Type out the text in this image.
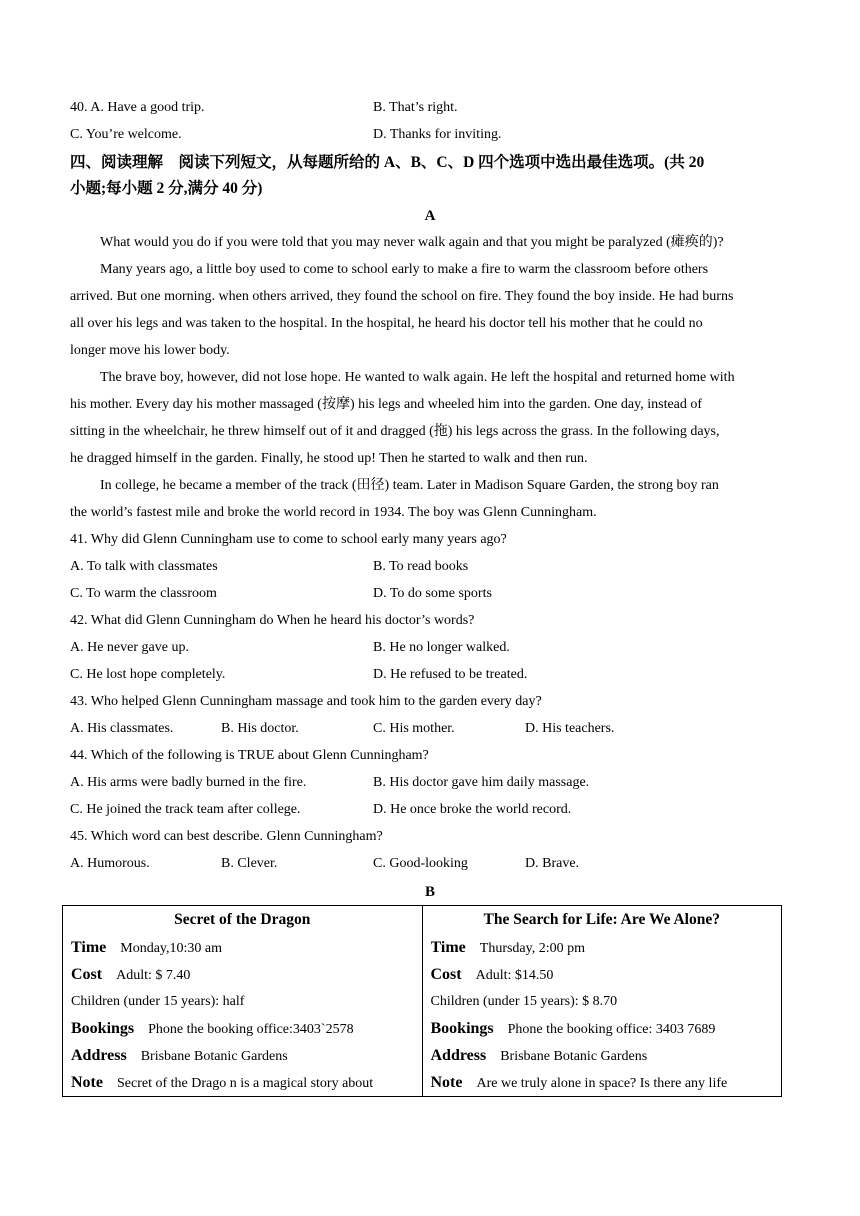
40. A. Have a good trip.	B. That’s right.
C. You’re welcome.	D. Thanks for inviting.
四、阅读理解　阅读下列短文，从每题所给的 A、B、C、D 四个选项中选出最佳选项。(共 20
小题;每小题 2 分,满分 40 分)
A
What would you do if you were told that you may never walk again and that you might be paralyzed (瘫痪的)?
Many years ago, a little boy used to come to school early to make a fire to warm the classroom before others
arrived. But one morning. when others arrived, they found the school on fire. They found the boy inside. He had burns
all over his legs and was taken to the hospital. In the hospital, he heard his doctor tell his mother that he could no
longer move his lower body.
The brave boy, however, did not lose hope. He wanted to walk again. He left the hospital and returned home with
his mother. Every day his mother massaged (按摩) his legs and wheeled him into the garden. One day, instead of
sitting in the wheelchair, he threw himself out of it and dragged (拖) his legs across the grass. In the following days,
he dragged himself in the garden. Finally, he stood up! Then he started to walk and then run.
In college, he became a member of the track (田径) team. Later in Madison Square Garden, the strong boy ran
the world’s fastest mile and broke the world record in 1934. The boy was Glenn Cunningham.
41. Why did Glenn Cunningham use to come to school early many years ago?
A. To talk with classmates	B. To read books
C. To warm the classroom	D. To do some sports
42. What did Glenn Cunningham do When he heard his doctor’s words?
A. He never gave up.	B. He no longer walked.
C. He lost hope completely.	D. He refused to be treated.
43. Who helped Glenn Cunningham massage and took him to the garden every day?
A. His classmates.	B. His doctor.	C. His mother.	D. His teachers.
44. Which of the following is TRUE about Glenn Cunningham?
A. His arms were badly burned in the fire.	B. His doctor gave him daily massage.
C. He joined the track team after college.	D. He once broke the world record.
45. Which word can best describe. Glenn Cunningham?
A. Humorous.	B. Clever.	C. Good-looking	D. Brave.
B
Secret of the Dragon
Time Monday,10:30 am
Cost Adult: $ 7.40
Children (under 15 years): half
Bookings Phone the booking office:3403`2578
Address Brisbane Botanic Gardens
Note Secret of the Drago n is a magical story about

The Search for Life: Are We Alone?
Time Thursday, 2:00 pm
Cost Adult: $14.50
Children (under 15 years): $ 8.70
Bookings Phone the booking office: 3403 7689
Address Brisbane Botanic Gardens
Note Are we truly alone in space? Is there any life
